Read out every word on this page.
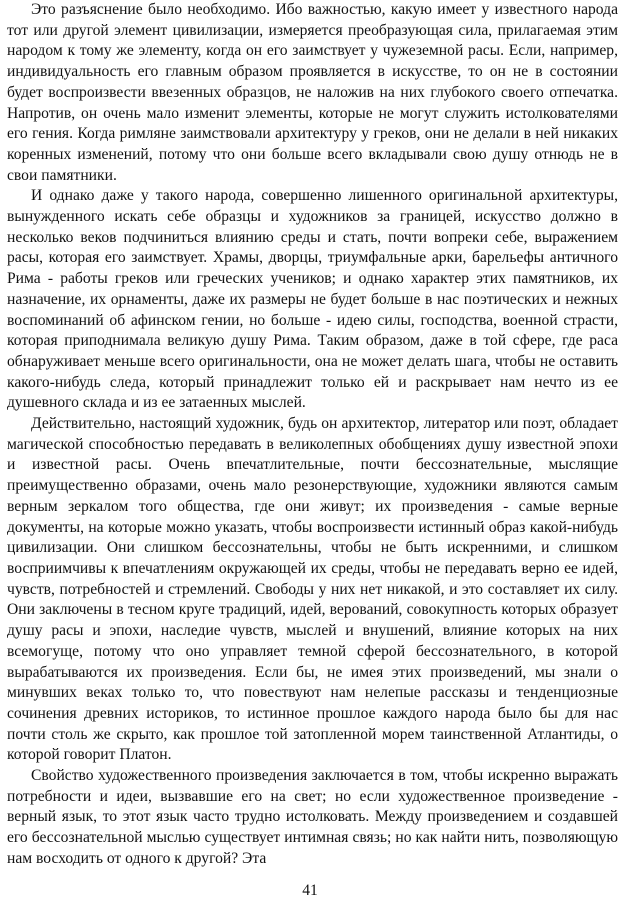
Это разъяснение было необходимо. Ибо важностью, какую имеет у известного народа тот или другой элемент цивилизации, измеряется преобразующая сила, прилагаемая этим народом к тому же элементу, когда он его заимствует у чужеземной расы. Если, например, индивидуальность его главным образом проявляется в искусстве, то он не в состоянии будет воспроизвести ввезенных образцов, не наложив на них глубокого своего отпечатка. Напротив, он очень мало изменит элементы, которые не могут служить истолкователями его гения. Когда римляне заимствовали архитектуру у греков, они не делали в ней никаких коренных изменений, потому что они больше всего вкладывали свою душу отнюдь не в свои памятники.

И однако даже у такого народа, совершенно лишенного оригинальной архитектуры, вынужденного искать себе образцы и художников за границей, искусство должно в несколько веков подчиниться влиянию среды и стать, почти вопреки себе, выражением расы, которая его заимствует. Храмы, дворцы, триумфальные арки, барельефы античного Рима - работы греков или греческих учеников; и однако характер этих памятников, их назначение, их орнаменты, даже их размеры не будет больше в нас поэтических и нежных воспоминаний об афинском гении, но больше - идею силы, господства, военной страсти, которая приподнимала великую душу Рима. Таким образом, даже в той сфере, где раса обнаруживает меньше всего оригинальности, она не может делать шага, чтобы не оставить какого-нибудь следа, который принадлежит только ей и раскрывает нам нечто из ее душевного склада и из ее затаенных мыслей.

Действительно, настоящий художник, будь он архитектор, литератор или поэт, обладает магической способностью передавать в великолепных обобщениях душу известной эпохи и известной расы. Очень впечатлительные, почти бессознательные, мыслящие преимущественно образами, очень мало резонерствующие, художники являются самым верным зеркалом того общества, где они живут; их произведения - самые верные документы, на которые можно указать, чтобы воспроизвести истинный образ какой-нибудь цивилизации. Они слишком бессознательны, чтобы не быть искренними, и слишком восприимчивы к впечатлениям окружающей их среды, чтобы не передавать верно ее идей, чувств, потребностей и стремлений. Свободы у них нет никакой, и это составляет их силу. Они заключены в тесном круге традиций, идей, верований, совокупность которых образует душу расы и эпохи, наследие чувств, мыслей и внушений, влияние которых на них всемогуще, потому что оно управляет темной сферой бессознательного, в которой вырабатываются их произведения. Если бы, не имея этих произведений, мы знали о минувших веках только то, что повествуют нам нелепые рассказы и тенденциозные сочинения древних историков, то истинное прошлое каждого народа было бы для нас почти столь же скрыто, как прошлое той затопленной морем таинственной Атлантиды, о которой говорит Платон.

Свойство художественного произведения заключается в том, чтобы искренно выражать потребности и идеи, вызвавшие его на свет; но если художественное произведение - верный язык, то этот язык часто трудно истолковать. Между произведением и создавшей его бессознательной мыслью существует интимная связь; но как найти нить, позволяющую нам восходить от одного к другой? Эта

41
